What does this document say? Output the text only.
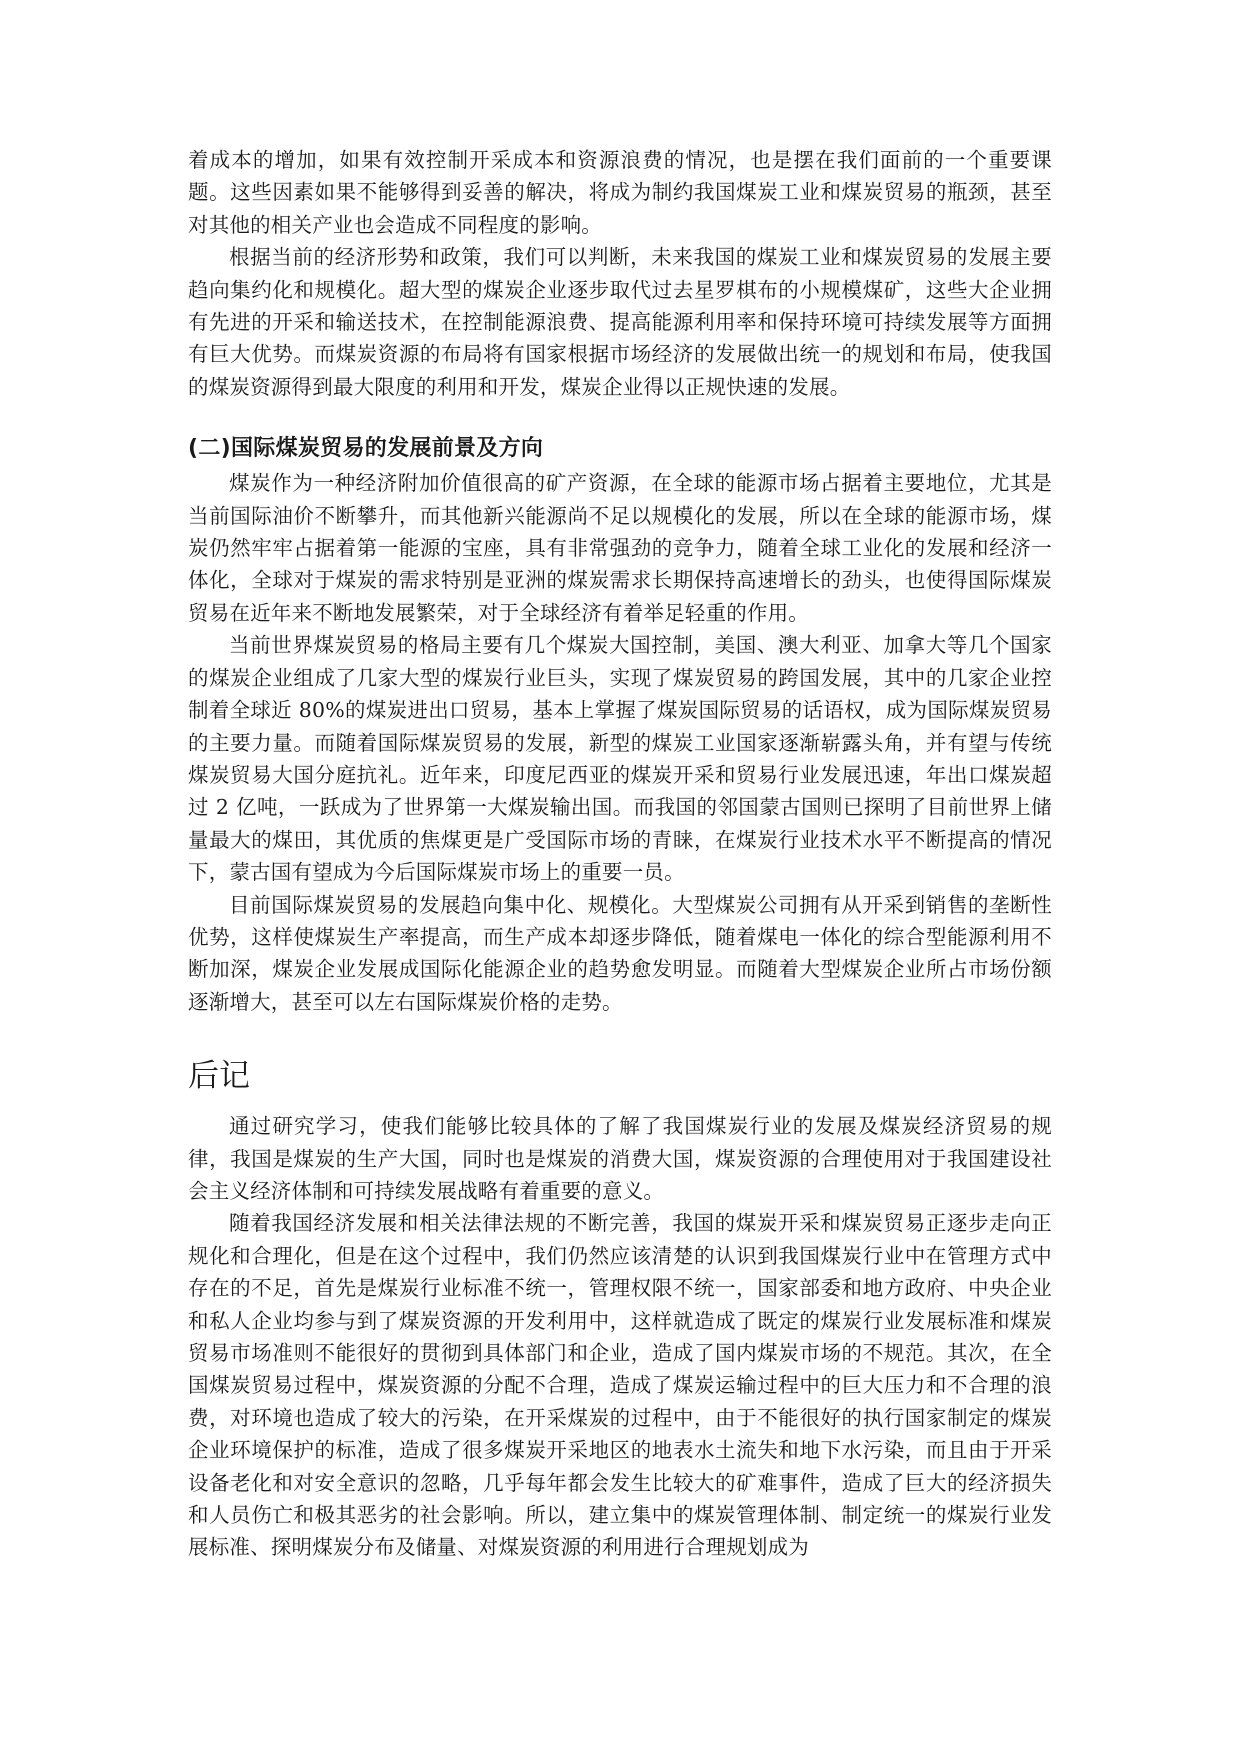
着成本的增加，如果有效控制开采成本和资源浪费的情况，也是摆在我们面前的一个重要课题。这些因素如果不能够得到妥善的解决，将成为制约我国煤炭工业和煤炭贸易的瓶颈，甚至对其他的相关产业也会造成不同程度的影响。

根据当前的经济形势和政策，我们可以判断，未来我国的煤炭工业和煤炭贸易的发展主要趋向集约化和规模化。超大型的煤炭企业逐步取代过去星罗棋布的小规模煤矿，这些大企业拥有先进的开采和输送技术，在控制能源浪费、提高能源利用率和保持环境可持续发展等方面拥有巨大优势。而煤炭资源的布局将有国家根据市场经济的发展做出统一的规划和布局，使我国的煤炭资源得到最大限度的利用和开发，煤炭企业得以正规快速的发展。

(二)国际煤炭贸易的发展前景及方向

煤炭作为一种经济附加价值很高的矿产资源，在全球的能源市场占据着主要地位，尤其是当前国际油价不断攀升，而其他新兴能源尚不足以规模化的发展，所以在全球的能源市场，煤炭仍然牢牢占据着第一能源的宝座，具有非常强劲的竞争力，随着全球工业化的发展和经济一体化，全球对于煤炭的需求特别是亚洲的煤炭需求长期保持高速增长的劲头，也使得国际煤炭贸易在近年来不断地发展繁荣，对于全球经济有着举足轻重的作用。

当前世界煤炭贸易的格局主要有几个煤炭大国控制，美国、澳大利亚、加拿大等几个国家的煤炭企业组成了几家大型的煤炭行业巨头，实现了煤炭贸易的跨国发展，其中的几家企业控制着全球近 80%的煤炭进出口贸易，基本上掌握了煤炭国际贸易的话语权，成为国际煤炭贸易的主要力量。而随着国际煤炭贸易的发展，新型的煤炭工业国家逐渐崭露头角，并有望与传统煤炭贸易大国分庭抗礼。近年来，印度尼西亚的煤炭开采和贸易行业发展迅速，年出口煤炭超过 2 亿吨，一跃成为了世界第一大煤炭输出国。而我国的邻国蒙古国则已探明了目前世界上储量最大的煤田，其优质的焦煤更是广受国际市场的青睐，在煤炭行业技术水平不断提高的情况下，蒙古国有望成为今后国际煤炭市场上的重要一员。

目前国际煤炭贸易的发展趋向集中化、规模化。大型煤炭公司拥有从开采到销售的垄断性优势，这样使煤炭生产率提高，而生产成本却逐步降低，随着煤电一体化的综合型能源利用不断加深，煤炭企业发展成国际化能源企业的趋势愈发明显。而随着大型煤炭企业所占市场份额逐渐增大，甚至可以左右国际煤炭价格的走势。

后记

通过研究学习，使我们能够比较具体的了解了我国煤炭行业的发展及煤炭经济贸易的规律，我国是煤炭的生产大国，同时也是煤炭的消费大国，煤炭资源的合理使用对于我国建设社会主义经济体制和可持续发展战略有着重要的意义。

随着我国经济发展和相关法律法规的不断完善，我国的煤炭开采和煤炭贸易正逐步走向正规化和合理化，但是在这个过程中，我们仍然应该清楚的认识到我国煤炭行业中在管理方式中存在的不足，首先是煤炭行业标准不统一，管理权限不统一，国家部委和地方政府、中央企业和私人企业均参与到了煤炭资源的开发利用中，这样就造成了既定的煤炭行业发展标准和煤炭贸易市场准则不能很好的贯彻到具体部门和企业，造成了国内煤炭市场的不规范。其次，在全国煤炭贸易过程中，煤炭资源的分配不合理，造成了煤炭运输过程中的巨大压力和不合理的浪费，对环境也造成了较大的污染，在开采煤炭的过程中，由于不能很好的执行国家制定的煤炭企业环境保护的标准，造成了很多煤炭开采地区的地表水土流失和地下水污染，而且由于开采设备老化和对安全意识的忽略，几乎每年都会发生比较大的矿难事件，造成了巨大的经济损失和人员伤亡和极其恶劣的社会影响。所以，建立集中的煤炭管理体制、制定统一的煤炭行业发展标准、探明煤炭分布及储量、对煤炭资源的利用进行合理规划成为
